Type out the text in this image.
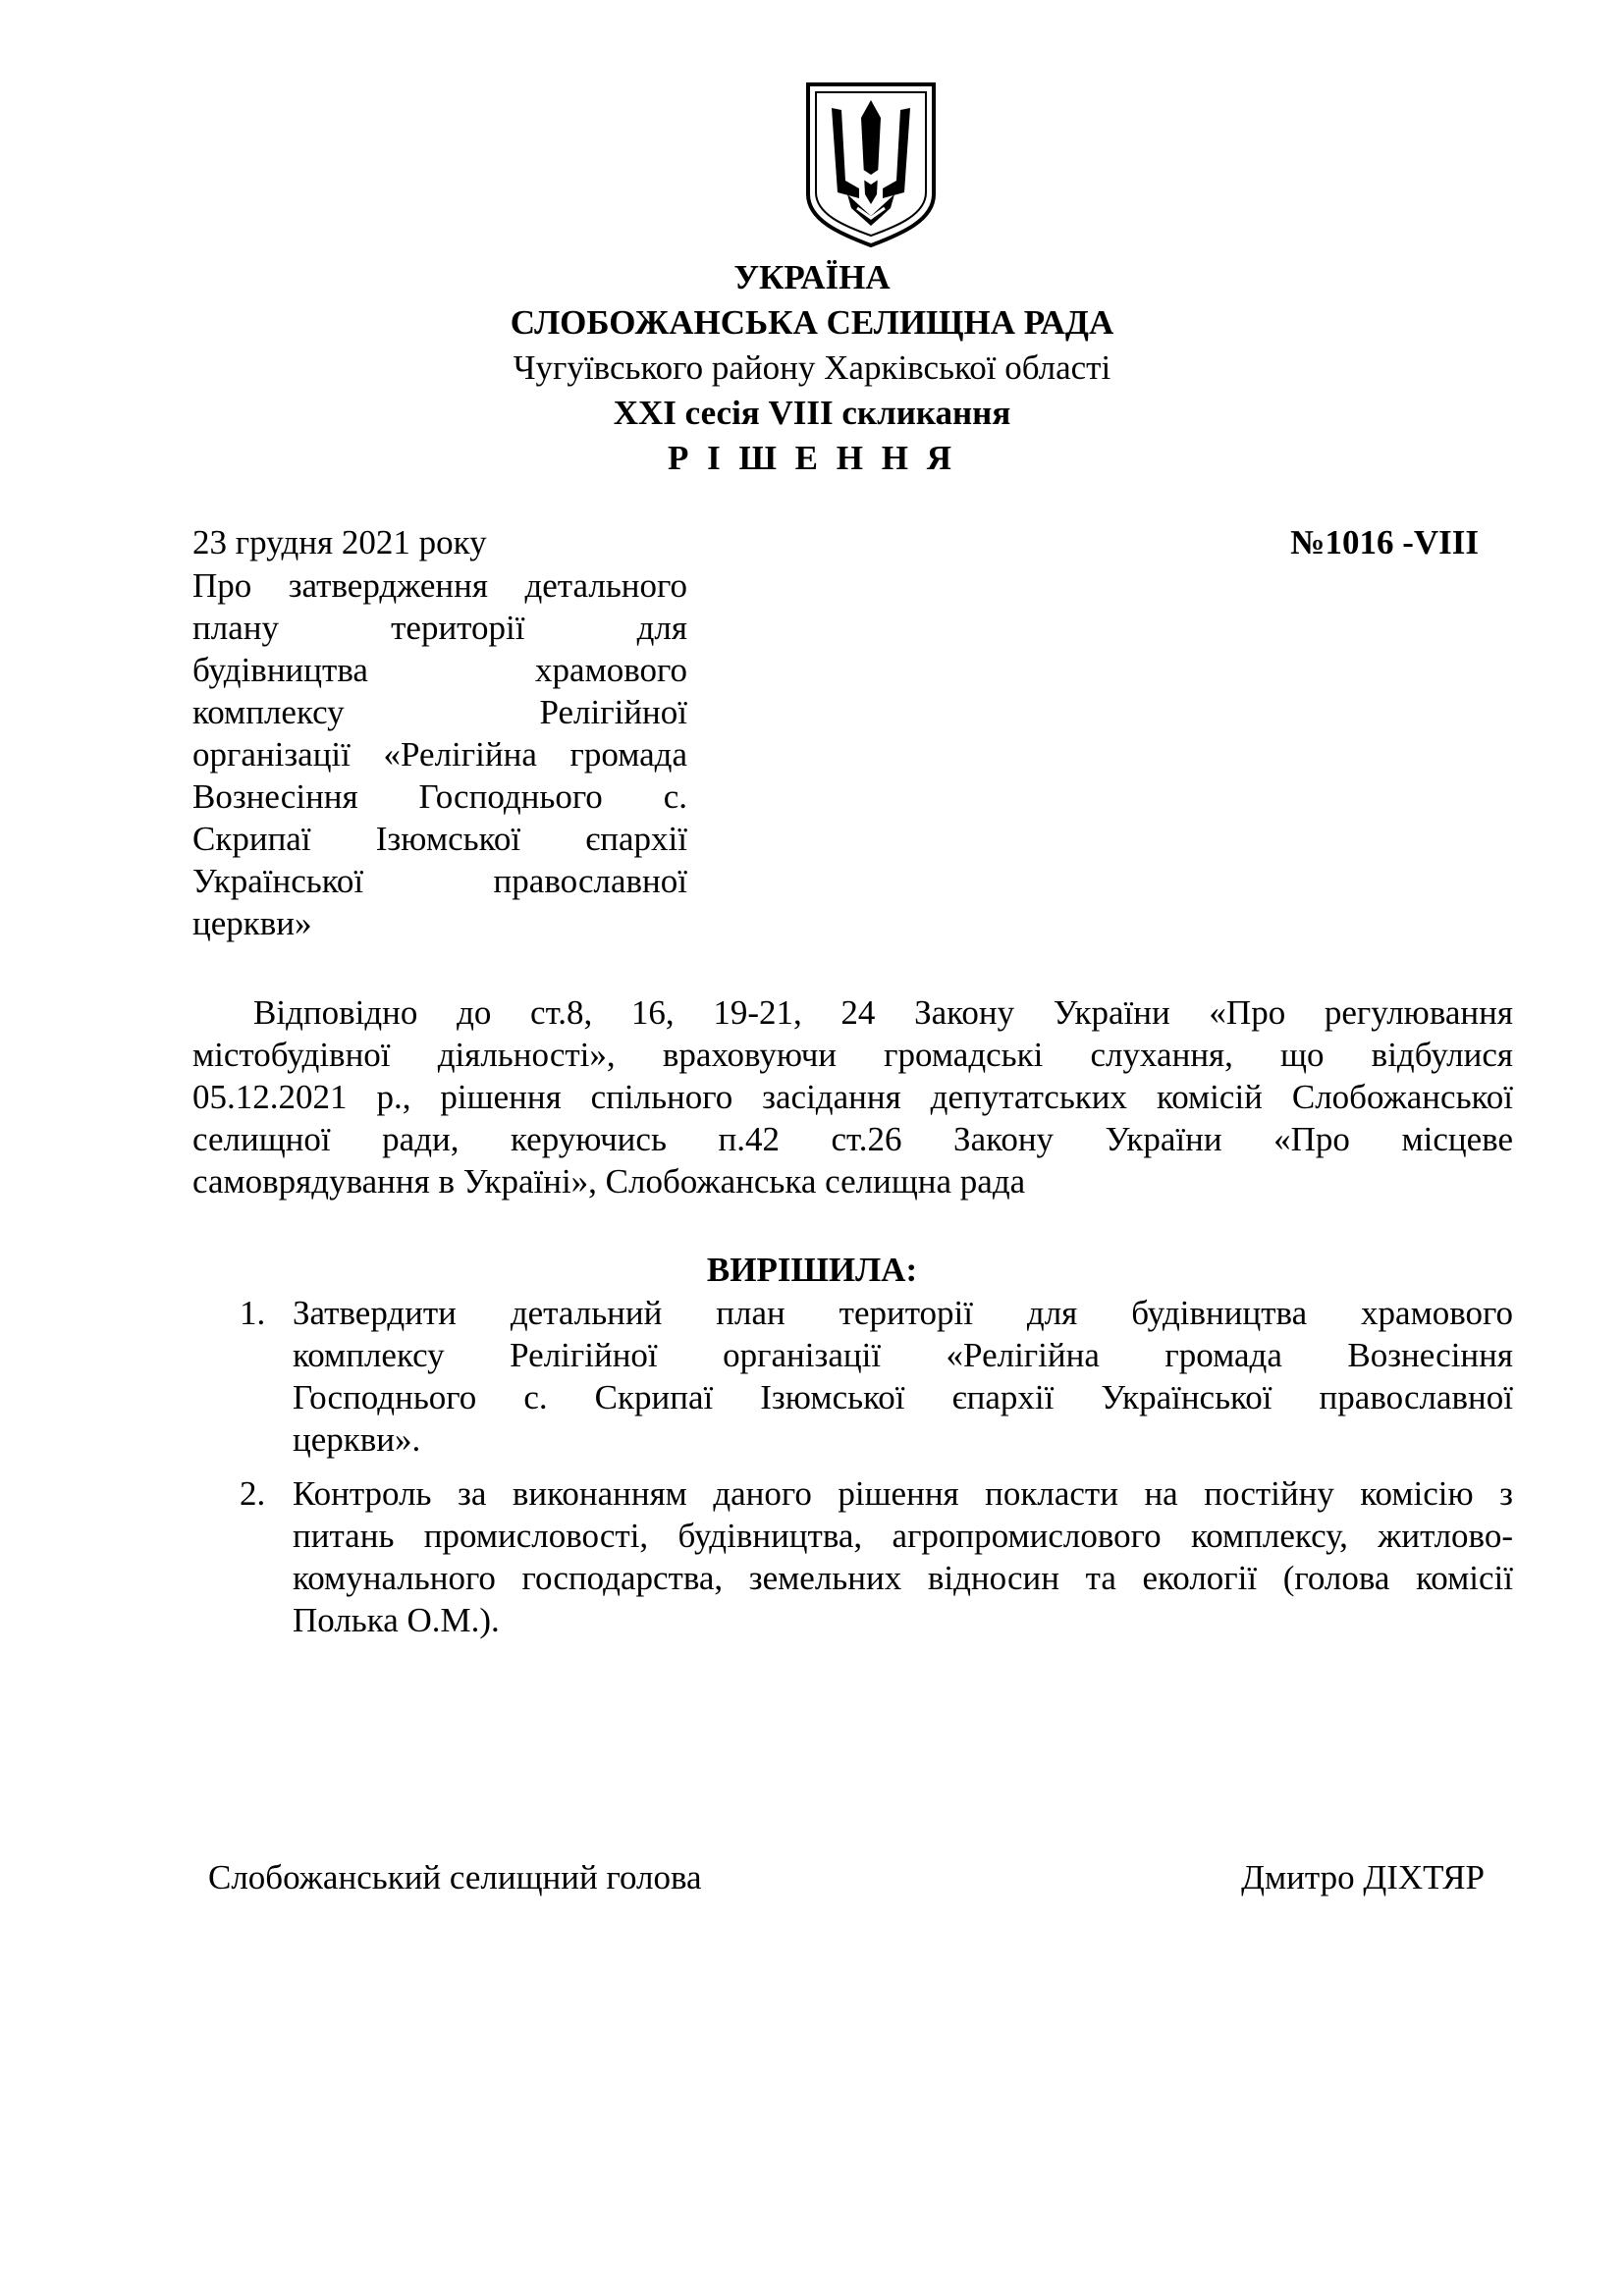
УКРАЇНА
СЛОБОЖАНСЬКА СЕЛИЩНА РАДА
Чугуївського району Харківської області
XXI сесія VIII скликання
Р І Ш Е Н Н Я
23 грудня 2021 року	№1016 -VIII
Про затвердження детального
плану території для
будівництва храмового
комплексу Релігійної
організації «Релігійна громада
Вознесіння Господнього с.
Скрипаї Ізюмської єпархії
Української православної
церкви»
Відповідно до ст.8, 16, 19-21, 24 Закону України «Про регулювання
містобудівної діяльності», враховуючи громадські слухання, що відбулися
05.12.2021 р., рішення спільного засідання депутатських комісій Слобожанської
селищної ради, керуючись п.42 ст.26 Закону України «Про місцеве
самоврядування в Україні», Слобожанська селищна рада
ВИРІШИЛА:
1. Затвердити детальний план території для будівництва храмового
комплексу Релігійної організації «Релігійна громада Вознесіння
Господнього с. Скрипаї Ізюмської єпархії Української православної
церкви».
2. Контроль за виконанням даного рішення покласти на постійну комісію з
питань промисловості, будівництва, агропромислового комплексу, житлово-
комунального господарства, земельних відносин та екології (голова комісії
Полька О.М.).
Слобожанський селищний голова	Дмитро ДІХТЯР
